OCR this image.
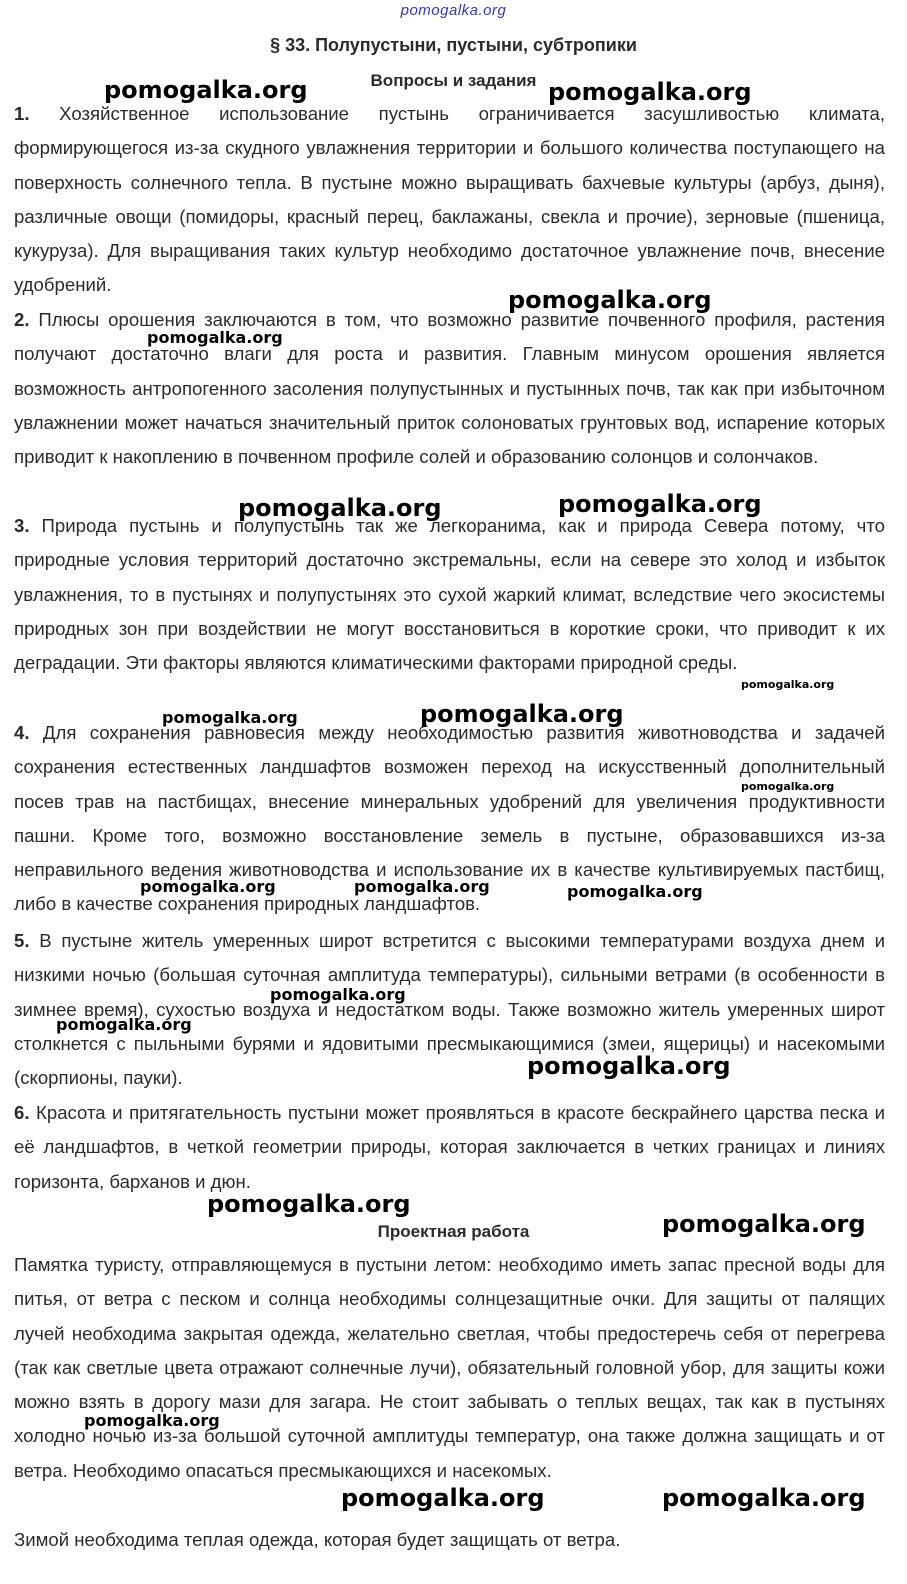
pomogalka.org
§ 33. Полупустыни, пустыни, субтропики
Вопросы и задания

1. Хозяйственное использование пустынь ограничивается засушливостью климата, формирующегося из-за скудного увлажнения территории и большого количества поступающего на поверхность солнечного тепла. В пустыне можно выращивать бахчевые культуры (арбуз, дыня), различные овощи (помидоры, красный перец, баклажаны, свекла и прочие), зерновые (пшеница, кукуруза). Для выращивания таких культур необходимо достаточное увлажнение почв, внесение удобрений.

2. Плюсы орошения заключаются в том, что возможно развитие почвенного профиля, растения получают достаточно влаги для роста и развития. Главным минусом орошения является возможность антропогенного засоления полупустынных и пустынных почв, так как при избыточном увлажнении может начаться значительный приток солоноватых грунтовых вод, испарение которых приводит к накоплению в почвенном профиле солей и образованию солонцов и солончаков.

3. Природа пустынь и полупустынь так же легкоранима, как и природа Севера потому, что природные условия территорий достаточно экстремальны, если на севере это холод и избыток увлажнения, то в пустынях и полупустынях это сухой жаркий климат, вследствие чего экосистемы природных зон при воздействии не могут восстановиться в короткие сроки, что приводит к их деградации. Эти факторы являются климатическими факторами природной среды.

4. Для сохранения равновесия между необходимостью развития животноводства и задачей сохранения естественных ландшафтов возможен переход на искусственный дополнительный посев трав на пастбищах, внесение минеральных удобрений для увеличения продуктивности пашни. Кроме того, возможно восстановление земель в пустыне, образовавшихся из-за неправильного ведения животноводства и использование их в качестве культивируемых пастбищ, либо в качестве сохранения природных ландшафтов.

5. В пустыне житель умеренных широт встретится с высокими температурами воздуха днем и низкими ночью (большая суточная амплитуда температуры), сильными ветрами (в особенности в зимнее время), сухостью воздуха и недостатком воды. Также возможно житель умеренных широт столкнется с пыльными бурями и ядовитыми пресмыкающимися (змеи, ящерицы) и насекомыми (скорпионы, пауки).

6. Красота и притягательность пустыни может проявляться в красоте бескрайнего царства песка и её ландшафтов, в четкой геометрии природы, которая заключается в четких границах и линиях горизонта, барханов и дюн.

Проектная работа

Памятка туристу, отправляющемуся в пустыни летом: необходимо иметь запас пресной воды для питья, от ветра с песком и солнца необходимы солнцезащитные очки. Для защиты от палящих лучей необходима закрытая одежда, желательно светлая, чтобы предостеречь себя от перегрева (так как светлые цвета отражают солнечные лучи), обязательный головной убор, для защиты кожи можно взять в дорогу мази для загара. Не стоит забывать о теплых вещах, так как в пустынях холодно ночью из-за большой суточной амплитуды температур, она также должна защищать и от ветра. Необходимо опасаться пресмыкающихся и насекомых.

Зимой необходима теплая одежда, которая будет защищать от ветра.

pomogalka.org	pomogalka.org
pomogalka.org
pomogalka.org
pomogalka.org	pomogalka.org
pomogalka.org
pomogalka.org	pomogalka.org
pomogalka.org
pomogalka.org	pomogalka.org	pomogalka.org
pomogalka.org
pomogalka.org
pomogalka.org
pomogalka.org
pomogalka.org
pomogalka.org
pomogalka.org	pomogalka.org
